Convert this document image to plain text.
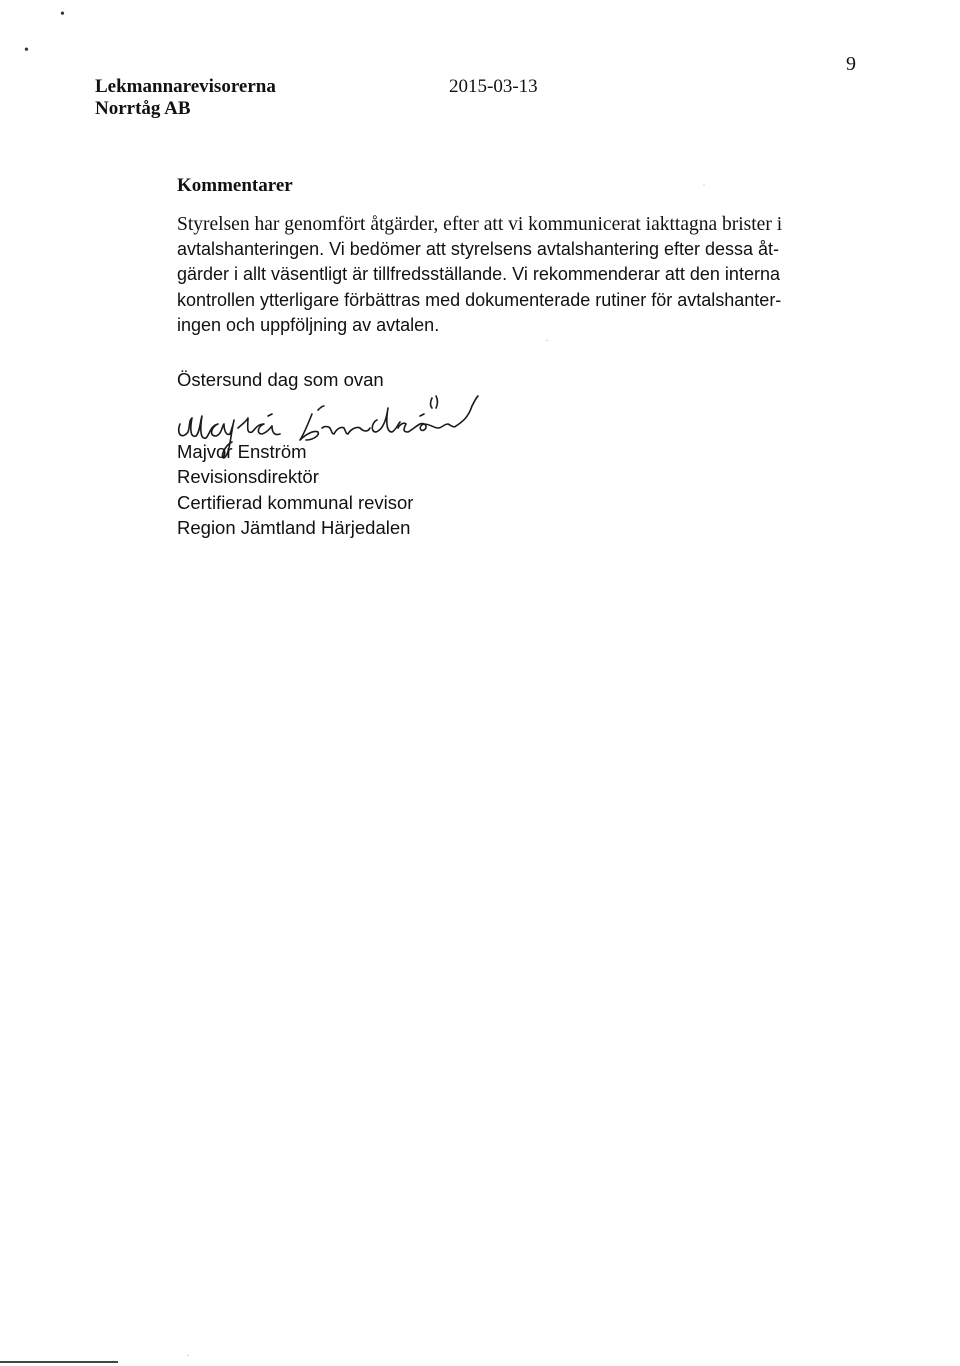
•
•
9
Lekmannarevisorerna
Norrtåg AB
2015-03-13
Kommentarer
Styrelsen har genomfört åtgärder, efter att vi kommunicerat iakttagna brister i
avtalshanteringen. Vi bedömer att styrelsens avtalshantering efter dessa åt-
gärder i allt väsentligt är tillfredsställande. Vi rekommenderar att den interna
kontrollen ytterligare förbättras med dokumenterade rutiner för avtalshanter-
ingen och uppföljning av avtalen.
Östersund dag som ovan
Majvor Enström
Revisionsdirektör
Certifierad kommunal revisor
Region Jämtland Härjedalen
·
·
·
